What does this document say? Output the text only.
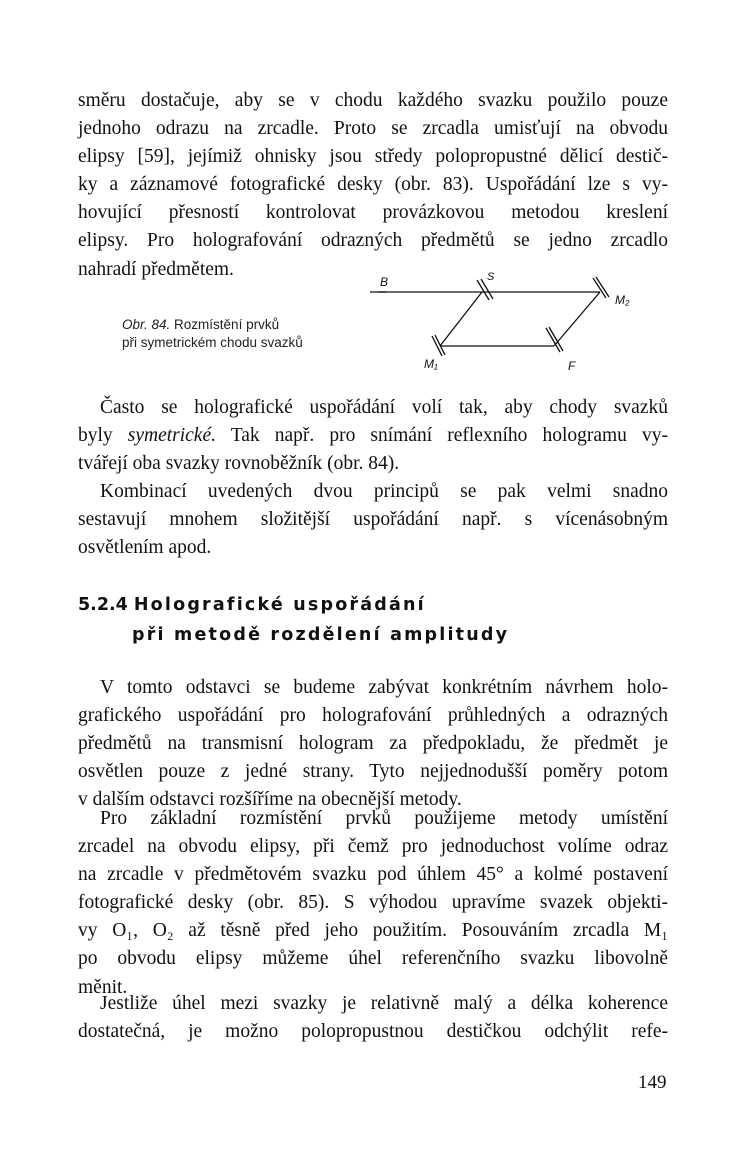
směru dostačuje, aby se v chodu každého svazku použilo pouze
jednoho odrazu na zrcadle. Proto se zrcadla umisťují na obvodu
elipsy [59], jejímiž ohnisky jsou středy polopropustné dělicí destič-
ky a záznamové fotografické desky (obr. 83). Uspořádání lze s vy-
hovující přesností kontrolovat provázkovou metodou kreslení
elipsy. Pro holografování odrazných předmětů se jedno zrcadlo
nahradí předmětem.
Obr. 84. Rozmístění prvků
při symetrickém chodu svazků
B	S
M₂
M₁	F
Často se holografické uspořádání volí tak, aby chody svazků
byly symetrické. Tak např. pro snímání reflexního hologramu vy-
tvářejí oba svazky rovnoběžník (obr. 84).
Kombinací uvedených dvou principů se pak velmi snadno
sestavují mnohem složitější uspořádání např. s vícenásobným
osvětlením apod.
5.2.4 Holografické uspořádání
při metodě rozdělení amplitudy
V tomto odstavci se budeme zabývat konkrétním návrhem holo-
grafického uspořádání pro holografování průhledných a odrazných
předmětů na transmisní hologram za předpokladu, že předmět je
osvětlen pouze z jedné strany. Tyto nejjednodušší poměry potom
v dalším odstavci rozšíříme na obecnější metody.
Pro základní rozmístění prvků použijeme metody umístění
zrcadel na obvodu elipsy, při čemž pro jednoduchost volíme odraz
na zrcadle v předmětovém svazku pod úhlem 45° a kolmé postavení
fotografické desky (obr. 85). S výhodou upravíme svazek objekti-
vy O₁, O₂ až těsně před jeho použitím. Posouváním zrcadla M₁
po obvodu elipsy můžeme úhel referenčního svazku libovolně
měnit.
Jestliže úhel mezi svazky je relativně malý a délka koherence
dostatečná, je možno polopropustnou destičkou odchýlit refe-
149
